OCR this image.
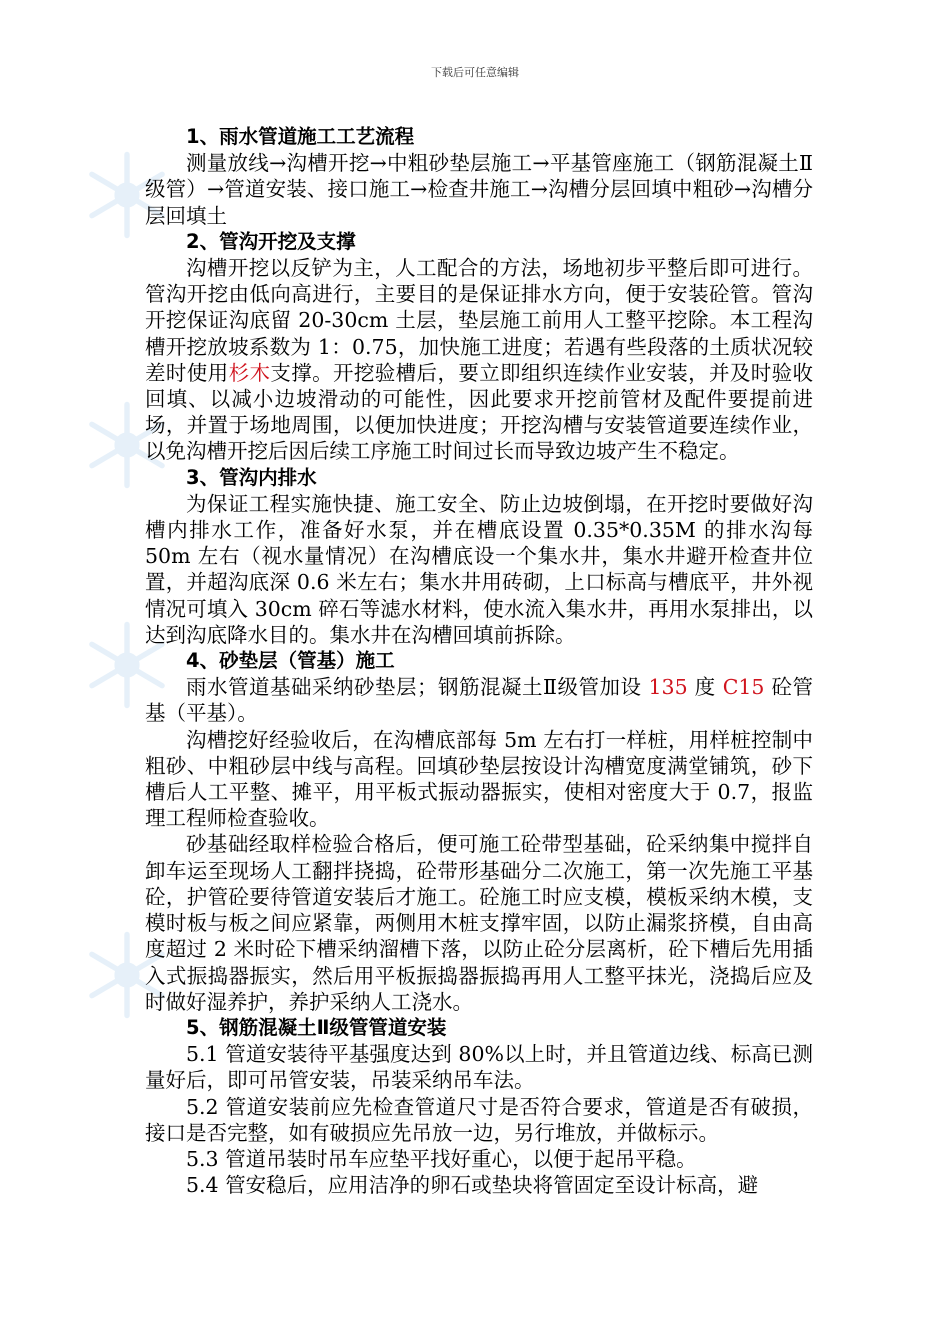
下载后可任意编辑

1、雨水管道施工工艺流程

测量放线→沟槽开挖→中粗砂垫层施工→平基管座施工（钢筋混凝土Ⅱ级管）→管道安装、接口施工→检查井施工→沟槽分层回填中粗砂→沟槽分层回填土

2、管沟开挖及支撑

沟槽开挖以反铲为主，人工配合的方法，场地初步平整后即可进行。管沟开挖由低向高进行，主要目的是保证排水方向，便于安装砼管。管沟开挖保证沟底留 20-30cm 土层，垫层施工前用人工整平挖除。本工程沟槽开挖放坡系数为 1：0.75，加快施工进度；若遇有些段落的土质状况较差时使用杉木支撑。开挖验槽后，要立即组织连续作业安装，并及时验收回填、以减小边坡滑动的可能性，因此要求开挖前管材及配件要提前进场，并置于场地周围，以便加快进度；开挖沟槽与安装管道要连续作业，以免沟槽开挖后因后续工序施工时间过长而导致边坡产生不稳定。

3、管沟内排水

为保证工程实施快捷、施工安全、防止边坡倒塌，在开挖时要做好沟槽内排水工作，准备好水泵，并在槽底设置 0.35*0.35M 的排水沟每 50m 左右（视水量情况）在沟槽底设一个集水井，集水井避开检查井位置，并超沟底深 0.6 米左右；集水井用砖砌，上口标高与槽底平，井外视情况可填入 30cm 碎石等滤水材料，使水流入集水井，再用水泵排出，以达到沟底降水目的。集水井在沟槽回填前拆除。

4、砂垫层（管基）施工

雨水管道基础采纳砂垫层；钢筋混凝土Ⅱ级管加设 135 度 C15 砼管基（平基）。

沟槽挖好经验收后，在沟槽底部每 5m 左右打一样桩，用样桩控制中粗砂、中粗砂层中线与高程。回填砂垫层按设计沟槽宽度满堂铺筑，砂下槽后人工平整、摊平，用平板式振动器振实，使相对密度大于 0.7，报监理工程师检查验收。

砂基础经取样检验合格后，便可施工砼带型基础，砼采纳集中搅拌自卸车运至现场人工翻拌挠捣，砼带形基础分二次施工，第一次先施工平基砼，护管砼要待管道安装后才施工。砼施工时应支模，模板采纳木模，支模时板与板之间应紧靠，两侧用木桩支撑牢固，以防止漏浆挤模，自由高度超过 2 米时砼下槽采纳溜槽下落，以防止砼分层离析，砼下槽后先用插入式振捣器振实，然后用平板振捣器振捣再用人工整平抹光，浇捣后应及时做好湿养护，养护采纳人工浇水。

5、钢筋混凝土Ⅱ级管管道安装

5.1 管道安装待平基强度达到 80%以上时，并且管道边线、标高已测量好后，即可吊管安装，吊装采纳吊车法。

5.2 管道安装前应先检查管道尺寸是否符合要求，管道是否有破损，接口是否完整，如有破损应先吊放一边，另行堆放，并做标示。

5.3 管道吊装时吊车应垫平找好重心，以便于起吊平稳。

5.4 管安稳后，应用洁净的卵石或垫块将管固定至设计标高，避
